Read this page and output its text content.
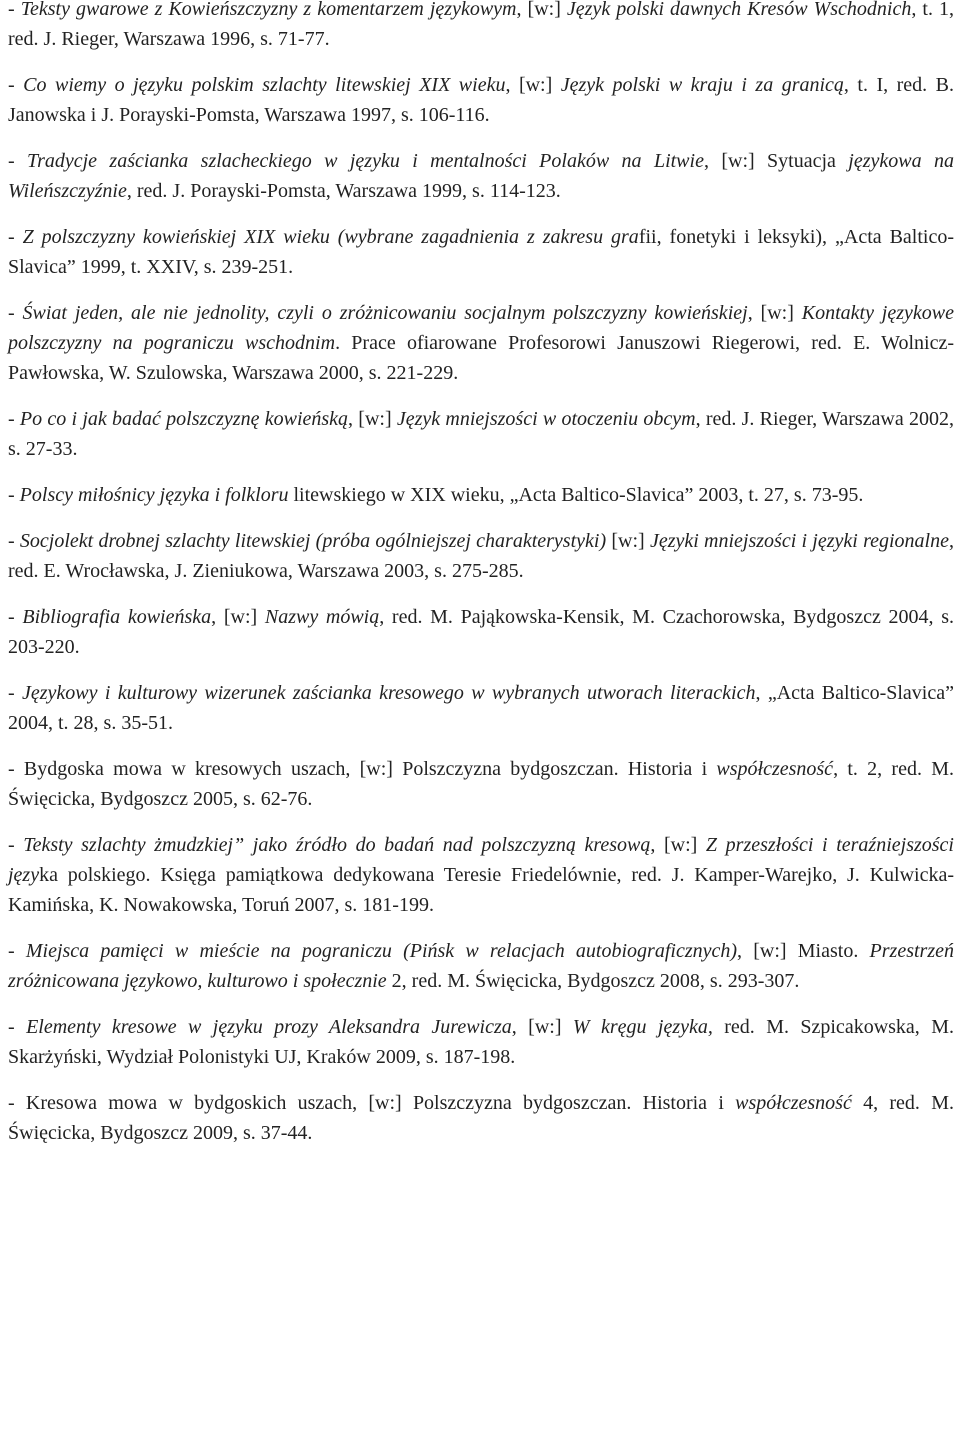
- Teksty gwarowe z Kowieńszczyzny z komentarzem językowym, [w:] Język polski dawnych Kresów Wschodnich, t. 1, red. J. Rieger, Warszawa 1996, s. 71-77.

- Co wiemy o języku polskim szlachty litewskiej XIX wieku, [w:] Język polski w kraju i za granicą, t. I, red. B. Janowska i J. Porayski-Pomsta, Warszawa 1997, s. 106-116.

- Tradycje zaścianka szlacheckiego w języku i mentalności Polaków na Litwie, [w:] Sytuacja językowa na Wileńszczyźnie, red. J. Porayski-Pomsta, Warszawa 1999, s. 114-123.

- Z polszczyzny kowieńskiej XIX wieku (wybrane zagadnienia z zakresu grafii, fonetyki i leksyki), „Acta Baltico-Slavica” 1999, t. XXIV, s. 239-251.

- Świat jeden, ale nie jednolity, czyli o zróżnicowaniu socjalnym polszczyzny kowieńskiej, [w:] Kontakty językowe polszczyzny na pograniczu wschodnim. Prace ofiarowane Profesorowi Januszowi Riegerowi, red. E. Wolnicz-Pawłowska, W. Szulowska, Warszawa 2000, s. 221-229.

- Po co i jak badać polszczyznę kowieńską, [w:] Język mniejszości w otoczeniu obcym, red. J. Rieger, Warszawa 2002, s. 27-33.

- Polscy miłośnicy języka i folkloru litewskiego w XIX wieku, „Acta Baltico-Slavica” 2003, t. 27, s. 73-95.

- Socjolekt drobnej szlachty litewskiej (próba ogólniejszej charakterystyki) [w:] Języki mniejszości i języki regionalne, red. E. Wrocławska, J. Zieniukowa, Warszawa 2003, s. 275-285.

- Bibliografia kowieńska, [w:] Nazwy mówią, red. M. Pająkowska-Kensik, M. Czachorowska, Bydgoszcz 2004, s. 203-220.

- Językowy i kulturowy wizerunek zaścianka kresowego w wybranych utworach literackich, „Acta Baltico-Slavica” 2004, t. 28, s. 35-51.

- Bydgoska mowa w kresowych uszach, [w:] Polszczyzna bydgoszczan. Historia i współczesność, t. 2, red. M. Święcicka, Bydgoszcz 2005, s. 62-76.

- Teksty szlachty żmudzkiej” jako źródło do badań nad polszczyzną kresową, [w:] Z przeszłości i teraźniejszości języka polskiego. Księga pamiątkowa dedykowana Teresie Friedelównie, red. J. Kamper-Warejko, J. Kulwicka-Kamińska, K. Nowakowska, Toruń 2007, s. 181-199.

- Miejsca pamięci w mieście na pograniczu (Pińsk w relacjach autobiograficznych), [w:] Miasto. Przestrzeń zróżnicowana językowo, kulturowo i społecznie 2, red. M. Święcicka, Bydgoszcz 2008, s. 293-307.

- Elementy kresowe w języku prozy Aleksandra Jurewicza, [w:] W kręgu języka, red. M. Szpicakowska, M. Skarżyński, Wydział Polonistyki UJ, Kraków 2009, s. 187-198.

- Kresowa mowa w bydgoskich uszach, [w:] Polszczyzna bydgoszczan. Historia i współczesność 4, red. M. Święcicka, Bydgoszcz 2009, s. 37-44.
